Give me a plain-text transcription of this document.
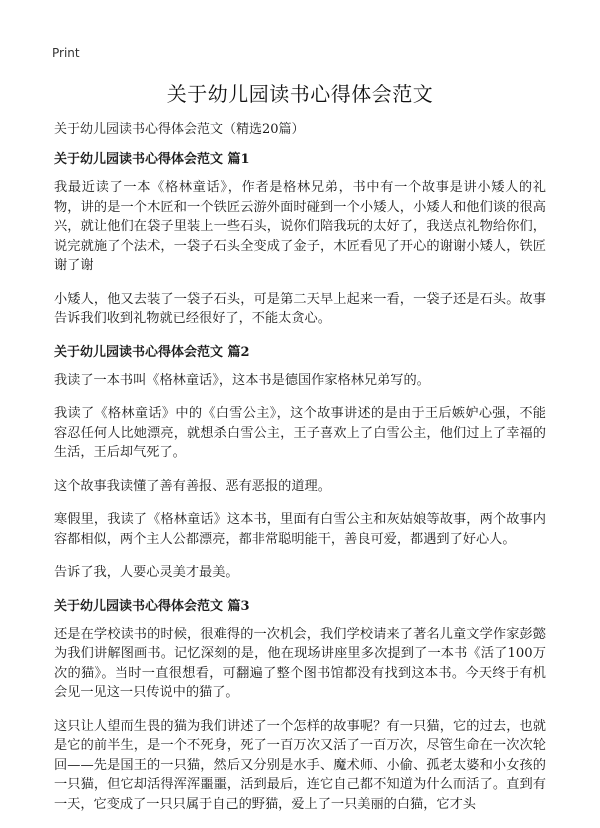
Print
关于幼儿园读书心得体会范文

关于幼儿园读书心得体会范文（精选20篇）

关于幼儿园读书心得体会范文 篇1

我最近读了一本《格林童话》，作者是格林兄弟，书中有一个故事是讲小矮人的礼物，讲的是一个木匠和一个铁匠云游外面时碰到一个小矮人，小矮人和他们谈的很高兴，就让他们在袋子里装上一些石头，说你们陪我玩的太好了，我送点礼物给你们，说完就施了个法术，一袋子石头全变成了金子，木匠看见了开心的谢谢小矮人，铁匠谢了谢

小矮人，他又去装了一袋子石头，可是第二天早上起来一看，一袋子还是石头。故事告诉我们收到礼物就已经很好了，不能太贪心。

关于幼儿园读书心得体会范文 篇2

我读了一本书叫《格林童话》，这本书是德国作家格林兄弟写的。

我读了《格林童话》中的《白雪公主》，这个故事讲述的是由于王后嫉妒心强，不能容忍任何人比她漂亮，就想杀白雪公主，王子喜欢上了白雪公主，他们过上了幸福的生活，王后却气死了。

这个故事我读懂了善有善报、恶有恶报的道理。

寒假里，我读了《格林童话》这本书，里面有白雪公主和灰姑娘等故事，两个故事内容都相似，两个主人公都漂亮，都非常聪明能干，善良可爱，都遇到了好心人。

告诉了我，人要心灵美才最美。

关于幼儿园读书心得体会范文 篇3

还是在学校读书的时候，很难得的一次机会，我们学校请来了著名儿童文学作家彭懿为我们讲解图画书。记忆深刻的是，他在现场讲座里多次提到了一本书《活了100万次的猫》。当时一直很想看，可翻遍了整个图书馆都没有找到这本书。今天终于有机会见一见这一只传说中的猫了。

这只让人望而生畏的猫为我们讲述了一个怎样的故事呢？有一只猫，它的过去，也就是它的前半生，是一个不死身，死了一百万次又活了一百万次，尽管生命在一次次轮回——先是国王的一只猫，然后又分别是水手、魔术师、小偷、孤老太婆和小女孩的一只猫，但它却活得浑浑噩噩，活到最后，连它自己都不知道为什么而活了。直到有一天，它变成了一只只属于自己的野猫，爱上了一只美丽的白猫，它才头
